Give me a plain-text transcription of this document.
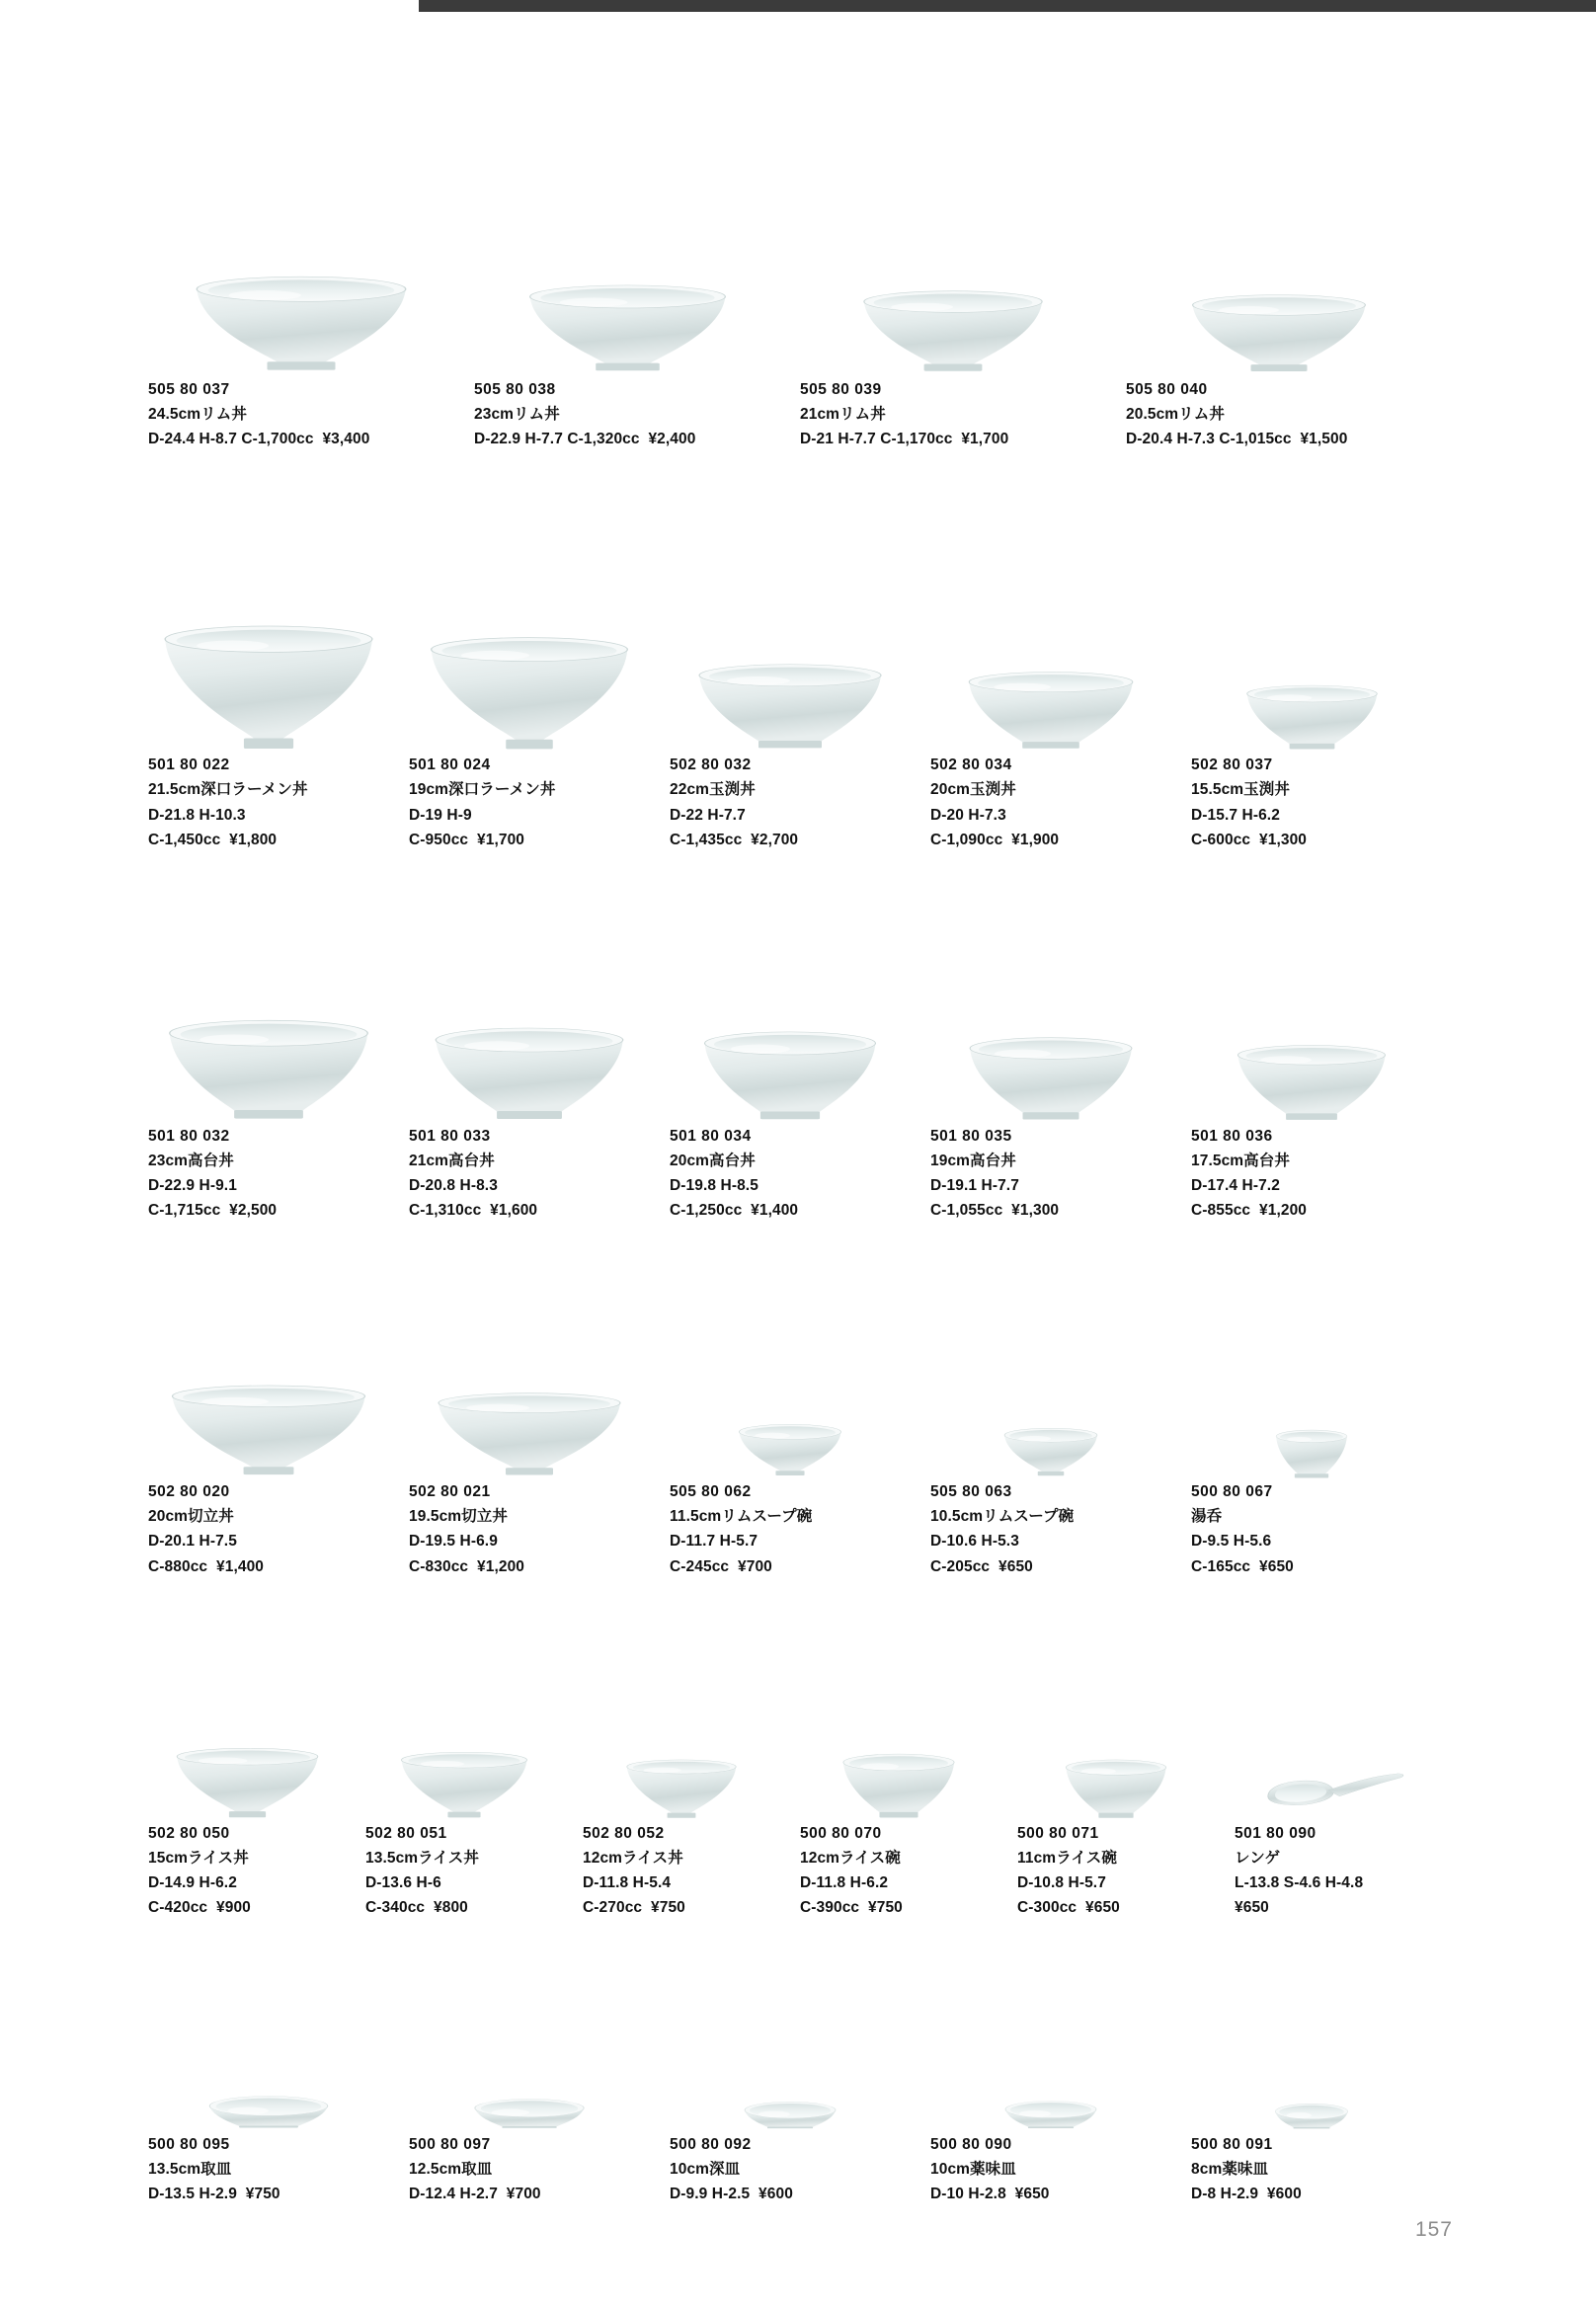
505 80 037
24.5cmリム丼
D-24.4 H-8.7 C-1,700cc ¥3,400
505 80 038
23cmリム丼
D-22.9 H-7.7 C-1,320cc ¥2,400
505 80 039
21cmリム丼
D-21 H-7.7 C-1,170cc ¥1,700
505 80 040
20.5cmリム丼
D-20.4 H-7.3 C-1,015cc ¥1,500
501 80 022
21.5cm深口ラーメン丼
D-21.8 H-10.3
C-1,450cc ¥1,800
501 80 024
19cm深口ラーメン丼
D-19 H-9
C-950cc ¥1,700
502 80 032
22cm玉渕丼
D-22 H-7.7
C-1,435cc ¥2,700
502 80 034
20cm玉渕丼
D-20 H-7.3
C-1,090cc ¥1,900
502 80 037
15.5cm玉渕丼
D-15.7 H-6.2
C-600cc ¥1,300
501 80 032
23cm高台丼
D-22.9 H-9.1
C-1,715cc ¥2,500
501 80 033
21cm高台丼
D-20.8 H-8.3
C-1,310cc ¥1,600
501 80 034
20cm高台丼
D-19.8 H-8.5
C-1,250cc ¥1,400
501 80 035
19cm高台丼
D-19.1 H-7.7
C-1,055cc ¥1,300
501 80 036
17.5cm高台丼
D-17.4 H-7.2
C-855cc ¥1,200
502 80 020
20cm切立丼
D-20.1 H-7.5
C-880cc ¥1,400
502 80 021
19.5cm切立丼
D-19.5 H-6.9
C-830cc ¥1,200
505 80 062
11.5cmリムスープ碗
D-11.7 H-5.7
C-245cc ¥700
505 80 063
10.5cmリムスープ碗
D-10.6 H-5.3
C-205cc ¥650
500 80 067
湯呑
D-9.5 H-5.6
C-165cc ¥650
502 80 050
15cmライス丼
D-14.9 H-6.2
C-420cc ¥900
502 80 051
13.5cmライス丼
D-13.6 H-6
C-340cc ¥800
502 80 052
12cmライス丼
D-11.8 H-5.4
C-270cc ¥750
500 80 070
12cmライス碗
D-11.8 H-6.2
C-390cc ¥750
500 80 071
11cmライス碗
D-10.8 H-5.7
C-300cc ¥650
501 80 090
レンゲ
L-13.8 S-4.6 H-4.8
¥650
500 80 095
13.5cm取皿
D-13.5 H-2.9 ¥750
500 80 097
12.5cm取皿
D-12.4 H-2.7 ¥700
500 80 092
10cm深皿
D-9.9 H-2.5 ¥600
500 80 090
10cm薬味皿
D-10 H-2.8 ¥650
500 80 091
8cm薬味皿
D-8 H-2.9 ¥600
157
